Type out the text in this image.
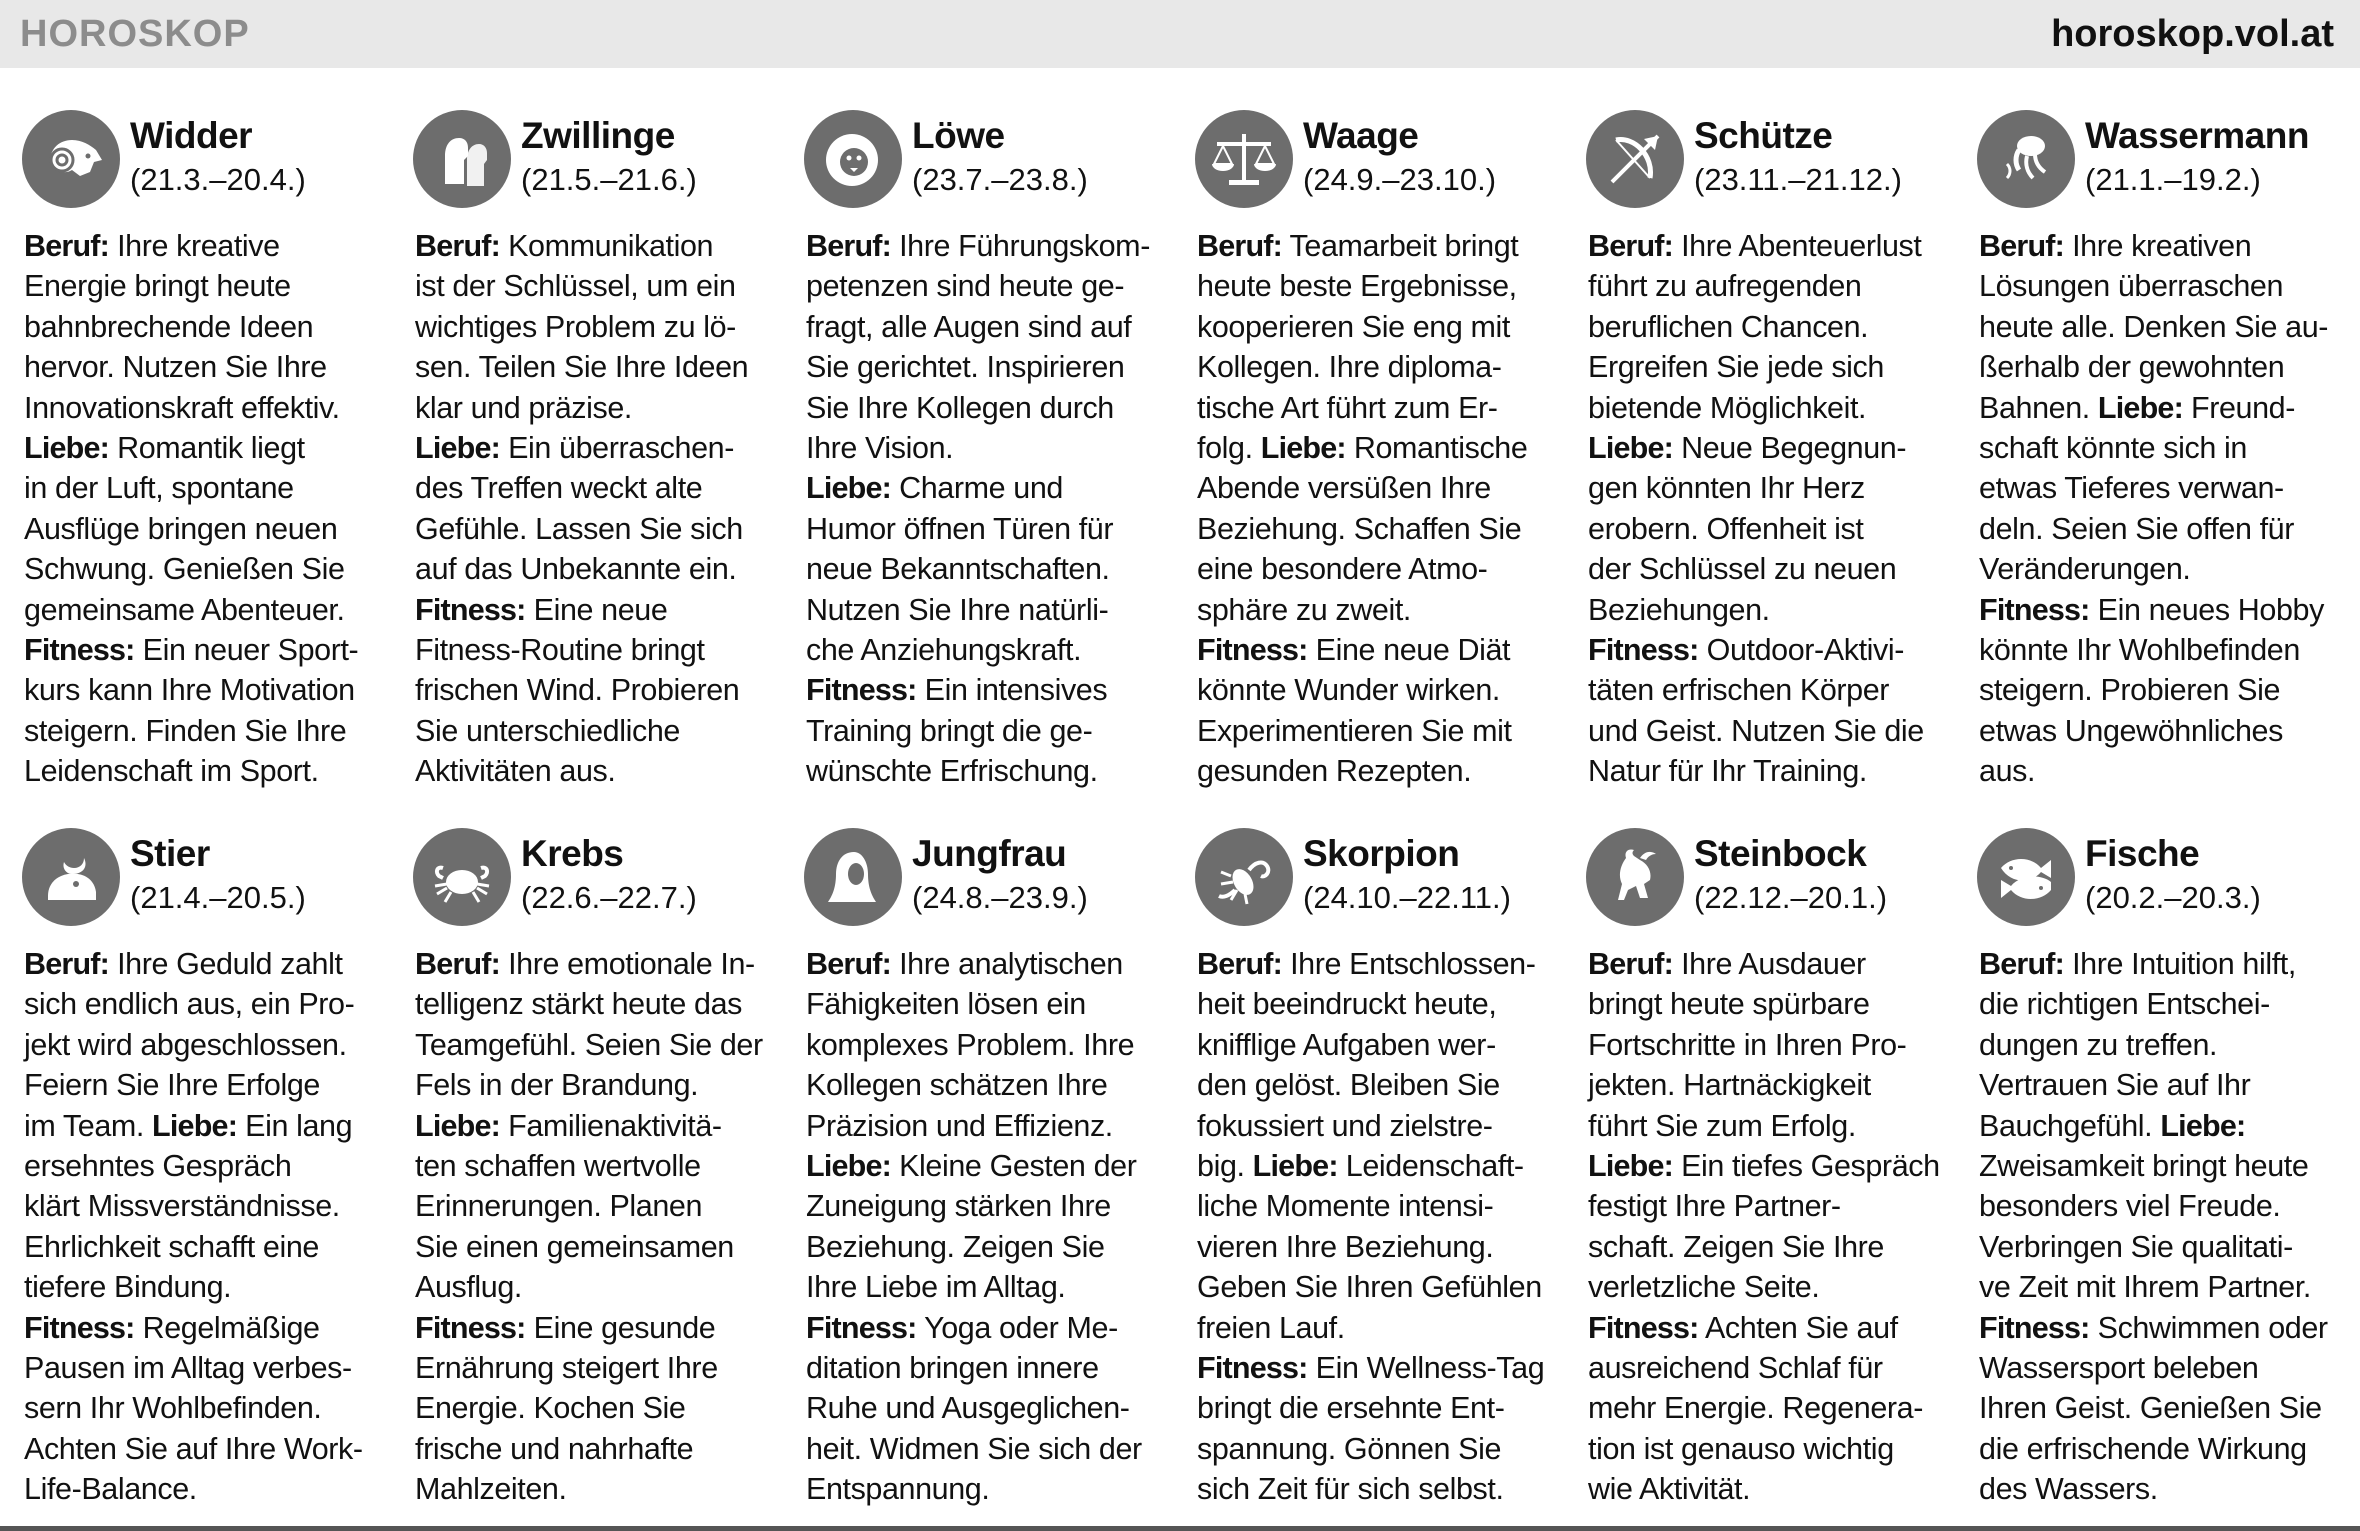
HOROSKOP	horoskop.vol.at
Widder
(21.3.–20.4.)
Beruf: Ihre kreative
Energie bringt heute
bahnbrechende Ideen
hervor. Nutzen Sie Ihre
Innovationskraft effektiv.
Liebe: Romantik liegt
in der Luft, spontane
Ausflüge bringen neuen
Schwung. Genießen Sie
gemeinsame Abenteuer.
Fitness: Ein neuer Sport-
kurs kann Ihre Motivation
steigern. Finden Sie Ihre
Leidenschaft im Sport.
Zwillinge
(21.5.–21.6.)
Beruf: Kommunikation
ist der Schlüssel, um ein
wichtiges Problem zu lö-
sen. Teilen Sie Ihre Ideen
klar und präzise.
Liebe: Ein überraschen-
des Treffen weckt alte
Gefühle. Lassen Sie sich
auf das Unbekannte ein.
Fitness: Eine neue
Fitness-Routine bringt
frischen Wind. Probieren
Sie unterschiedliche
Aktivitäten aus.
Löwe
(23.7.–23.8.)
Beruf: Ihre Führungskom-
petenzen sind heute ge-
fragt, alle Augen sind auf
Sie gerichtet. Inspirieren
Sie Ihre Kollegen durch
Ihre Vision.
Liebe: Charme und
Humor öffnen Türen für
neue Bekanntschaften.
Nutzen Sie Ihre natürli-
che Anziehungskraft.
Fitness: Ein intensives
Training bringt die ge-
wünschte Erfrischung.
Waage
(24.9.–23.10.)
Beruf: Teamarbeit bringt
heute beste Ergebnisse,
kooperieren Sie eng mit
Kollegen. Ihre diploma-
tische Art führt zum Er-
folg. Liebe: Romantische
Abende versüßen Ihre
Beziehung. Schaffen Sie
eine besondere Atmo-
sphäre zu zweit.
Fitness: Eine neue Diät
könnte Wunder wirken.
Experimentieren Sie mit
gesunden Rezepten.
Schütze
(23.11.–21.12.)
Beruf: Ihre Abenteuerlust
führt zu aufregenden
beruflichen Chancen.
Ergreifen Sie jede sich
bietende Möglichkeit.
Liebe: Neue Begegnun-
gen könnten Ihr Herz
erobern. Offenheit ist
der Schlüssel zu neuen
Beziehungen.
Fitness: Outdoor-Aktivi-
täten erfrischen Körper
und Geist. Nutzen Sie die
Natur für Ihr Training.
Wassermann
(21.1.–19.2.)
Beruf: Ihre kreativen
Lösungen überraschen
heute alle. Denken Sie au-
ßerhalb der gewohnten
Bahnen. Liebe: Freund-
schaft könnte sich in
etwas Tieferes verwan-
deln. Seien Sie offen für
Veränderungen.
Fitness: Ein neues Hobby
könnte Ihr Wohlbefinden
steigern. Probieren Sie
etwas Ungewöhnliches
aus.
Stier
(21.4.–20.5.)
Beruf: Ihre Geduld zahlt
sich endlich aus, ein Pro-
jekt wird abgeschlossen.
Feiern Sie Ihre Erfolge
im Team. Liebe: Ein lang
ersehntes Gespräch
klärt Missverständnisse.
Ehrlichkeit schafft eine
tiefere Bindung.
Fitness: Regelmäßige
Pausen im Alltag verbes-
sern Ihr Wohlbefinden.
Achten Sie auf Ihre Work-
Life-Balance.
Krebs
(22.6.–22.7.)
Beruf: Ihre emotionale In-
telligenz stärkt heute das
Teamgefühl. Seien Sie der
Fels in der Brandung.
Liebe: Familienaktivitä-
ten schaffen wertvolle
Erinnerungen. Planen
Sie einen gemeinsamen
Ausflug.
Fitness: Eine gesunde
Ernährung steigert Ihre
Energie. Kochen Sie
frische und nahrhafte
Mahlzeiten.
Jungfrau
(24.8.–23.9.)
Beruf: Ihre analytischen
Fähigkeiten lösen ein
komplexes Problem. Ihre
Kollegen schätzen Ihre
Präzision und Effizienz.
Liebe: Kleine Gesten der
Zuneigung stärken Ihre
Beziehung. Zeigen Sie
Ihre Liebe im Alltag.
Fitness: Yoga oder Me-
ditation bringen innere
Ruhe und Ausgeglichen-
heit. Widmen Sie sich der
Entspannung.
Skorpion
(24.10.–22.11.)
Beruf: Ihre Entschlossen-
heit beeindruckt heute,
knifflige Aufgaben wer-
den gelöst. Bleiben Sie
fokussiert und zielstre-
big. Liebe: Leidenschaft-
liche Momente intensi-
vieren Ihre Beziehung.
Geben Sie Ihren Gefühlen
freien Lauf.
Fitness: Ein Wellness-Tag
bringt die ersehnte Ent-
spannung. Gönnen Sie
sich Zeit für sich selbst.
Steinbock
(22.12.–20.1.)
Beruf: Ihre Ausdauer
bringt heute spürbare
Fortschritte in Ihren Pro-
jekten. Hartnäckigkeit
führt Sie zum Erfolg.
Liebe: Ein tiefes Gespräch
festigt Ihre Partner-
schaft. Zeigen Sie Ihre
verletzliche Seite.
Fitness: Achten Sie auf
ausreichend Schlaf für
mehr Energie. Regenera-
tion ist genauso wichtig
wie Aktivität.
Fische
(20.2.–20.3.)
Beruf: Ihre Intuition hilft,
die richtigen Entschei-
dungen zu treffen.
Vertrauen Sie auf Ihr
Bauchgefühl. Liebe:
Zweisamkeit bringt heute
besonders viel Freude.
Verbringen Sie qualitati-
ve Zeit mit Ihrem Partner.
Fitness: Schwimmen oder
Wassersport beleben
Ihren Geist. Genießen Sie
die erfrischende Wirkung
des Wassers.
